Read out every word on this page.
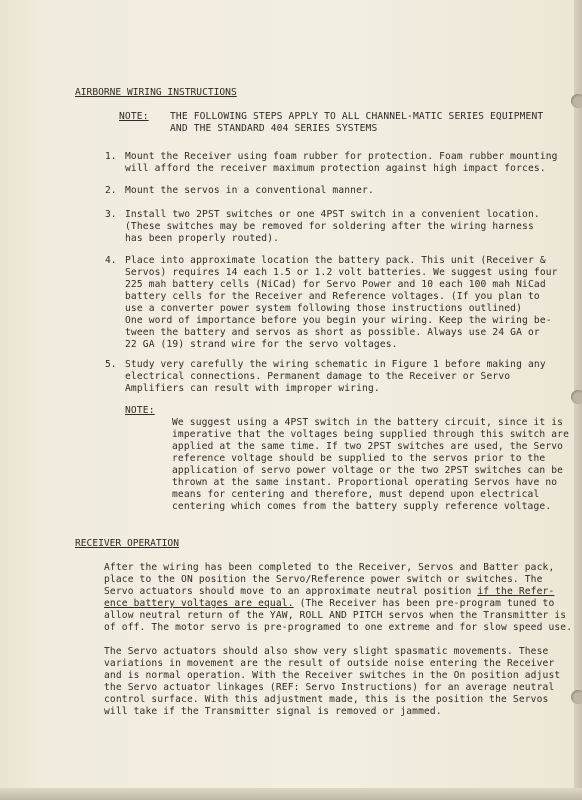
AIRBORNE WIRING INSTRUCTIONS
NOTE: THE FOLLOWING STEPS APPLY TO ALL CHANNEL-MATIC SERIES EQUIPMENT
AND THE STANDARD 404 SERIES SYSTEMS
1. Mount the Receiver using foam rubber for protection. Foam rubber mounting
will afford the receiver maximum protection against high impact forces.
2. Mount the servos in a conventional manner.
3. Install two 2PST switches or one 4PST switch in a convenient location.
(These switches may be removed for soldering after the wiring harness
has been properly routed).
4. Place into approximate location the battery pack. This unit (Receiver &
Servos) requires 14 each 1.5 or 1.2 volt batteries. We suggest using four
225 mah battery cells (NiCad) for Servo Power and 10 each 100 mah NiCad
battery cells for the Receiver and Reference voltages. (If you plan to
use a converter power system following those instructions outlined)
One word of importance before you begin your wiring. Keep the wiring be-
tween the battery and servos as short as possible. Always use 24 GA or
22 GA (19) strand wire for the servo voltages.
5. Study very carefully the wiring schematic in Figure 1 before making any
electrical connections. Permanent damage to the Receiver or Servo
Amplifiers can result with improper wiring.
NOTE:
We suggest using a 4PST switch in the battery circuit, since it is
imperative that the voltages being supplied through this switch are
applied at the same time. If two 2PST switches are used, the Servo
reference voltage should be supplied to the servos prior to the
application of servo power voltage or the two 2PST switches can be
thrown at the same instant. Proportional operating Servos have no
means for centering and therefore, must depend upon electrical
centering which comes from the battery supply reference voltage.
RECEIVER OPERATION
After the wiring has been completed to the Receiver, Servos and Batter pack,
place to the ON position the Servo/Reference power switch or switches. The
Servo actuators should move to an approximate neutral position if the Refer-
ence battery voltages are equal. (The Receiver has been pre-program tuned to
allow neutral return of the YAW, ROLL AND PITCH servos when the Transmitter is
of off. The motor servo is pre-programed to one extreme and for slow speed use.
The Servo actuators should also show very slight spasmatic movements. These
variations in movement are the result of outside noise entering the Receiver
and is normal operation. With the Receiver switches in the On position adjust
the Servo actuator linkages (REF: Servo Instructions) for an average neutral
control surface. With this adjustment made, this is the position the Servos
will take if the Transmitter signal is removed or jammed.
